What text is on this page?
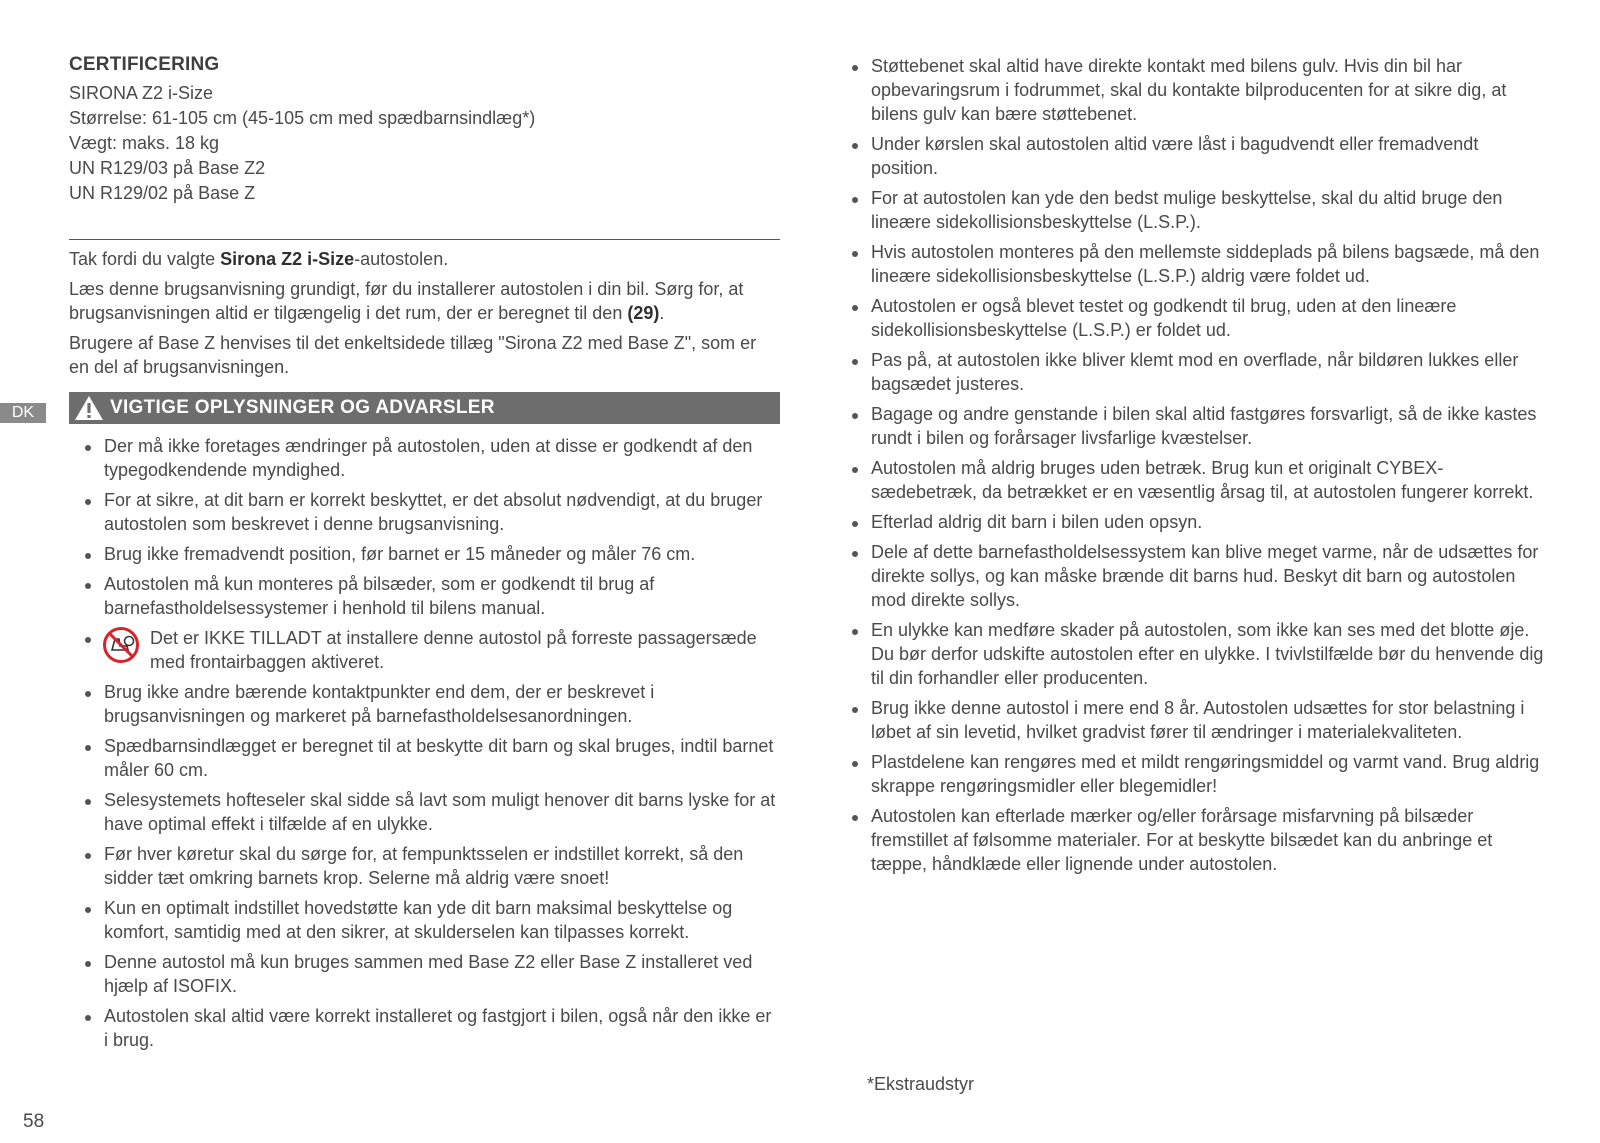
DK
CERTIFICERING
SIRONA Z2 i-Size
Størrelse: 61-105 cm (45-105 cm med spædbarnsindlæg*)
Vægt: maks. 18 kg
UN R129/03 på Base Z2
UN R129/02 på Base Z

Tak fordi du valgte Sirona Z2 i-Size-autostolen.

Læs denne brugsanvisning grundigt, før du installerer autostolen i din bil. Sørg for, at brugsanvisningen altid er tilgængelig i det rum, der er beregnet til den (29).

Brugere af Base Z henvises til det enkeltsidede tillæg "Sirona Z2 med Base Z", som er en del af brugsanvisningen.

VIGTIGE OPLYSNINGER OG ADVARSLER
Der må ikke foretages ændringer på autostolen, uden at disse er godkendt af den typegodkendende myndighed.
For at sikre, at dit barn er korrekt beskyttet, er det absolut nødvendigt, at du bruger autostolen som beskrevet i denne brugsanvisning.
Brug ikke fremadvendt position, før barnet er 15 måneder og måler 76 cm.
Autostolen må kun monteres på bilsæder, som er godkendt til brug af barnefastholdelsessystemer i henhold til bilens manual.
Det er IKKE TILLADT at installere denne autostol på forreste passagersæde med frontairbaggen aktiveret.
Brug ikke andre bærende kontaktpunkter end dem, der er beskrevet i brugsanvisningen og markeret på barnefastholdelsesanordningen.
Spædbarnsindlægget er beregnet til at beskytte dit barn og skal bruges, indtil barnet måler 60 cm.
Selesystemets hofteseler skal sidde så lavt som muligt henover dit barns lyske for at have optimal effekt i tilfælde af en ulykke.
Før hver køretur skal du sørge for, at fempunktsselen er indstillet korrekt, så den sidder tæt omkring barnets krop. Selerne må aldrig være snoet!
Kun en optimalt indstillet hovedstøtte kan yde dit barn maksimal beskyttelse og komfort, samtidig med at den sikrer, at skulderselen kan tilpasses korrekt.
Denne autostol må kun bruges sammen med Base Z2 eller Base Z installeret ved hjælp af ISOFIX.
Autostolen skal altid være korrekt installeret og fastgjort i bilen, også når den ikke er i brug.
Støttebenet skal altid have direkte kontakt med bilens gulv. Hvis din bil har opbevaringsrum i fodrummet, skal du kontakte bilproducenten for at sikre dig, at bilens gulv kan bære støttebenet.
Under kørslen skal autostolen altid være låst i bagudvendt eller fremadvendt position.
For at autostolen kan yde den bedst mulige beskyttelse, skal du altid bruge den lineære sidekollisionsbeskyttelse (L.S.P.).
Hvis autostolen monteres på den mellemste siddeplads på bilens bagsæde, må den lineære sidekollisionsbeskyttelse (L.S.P.) aldrig være foldet ud.
Autostolen er også blevet testet og godkendt til brug, uden at den lineære sidekollisionsbeskyttelse (L.S.P.) er foldet ud.
Pas på, at autostolen ikke bliver klemt mod en overflade, når bildøren lukkes eller bagsædet justeres.
Bagage og andre genstande i bilen skal altid fastgøres forsvarligt, så de ikke kastes rundt i bilen og forårsager livsfarlige kvæstelser.
Autostolen må aldrig bruges uden betræk. Brug kun et originalt CYBEX-sædebetræk, da betrækket er en væsentlig årsag til, at autostolen fungerer korrekt.
Efterlad aldrig dit barn i bilen uden opsyn.
Dele af dette barnefastholdelsessystem kan blive meget varme, når de udsættes for direkte sollys, og kan måske brænde dit barns hud. Beskyt dit barn og autostolen mod direkte sollys.
En ulykke kan medføre skader på autostolen, som ikke kan ses med det blotte øje. Du bør derfor udskifte autostolen efter en ulykke. I tvivlstilfælde bør du henvende dig til din forhandler eller producenten.
Brug ikke denne autostol i mere end 8 år. Autostolen udsættes for stor belastning i løbet af sin levetid, hvilket gradvist fører til ændringer i materialekvaliteten.
Plastdelene kan rengøres med et mildt rengøringsmiddel og varmt vand. Brug aldrig skrappe rengøringsmidler eller blegemidler!
Autostolen kan efterlade mærker og/eller forårsage misfarvning på bilsæder fremstillet af følsomme materialer. For at beskytte bilsædet kan du anbringe et tæppe, håndklæde eller lignende under autostolen.
*Ekstraudstyr
58
